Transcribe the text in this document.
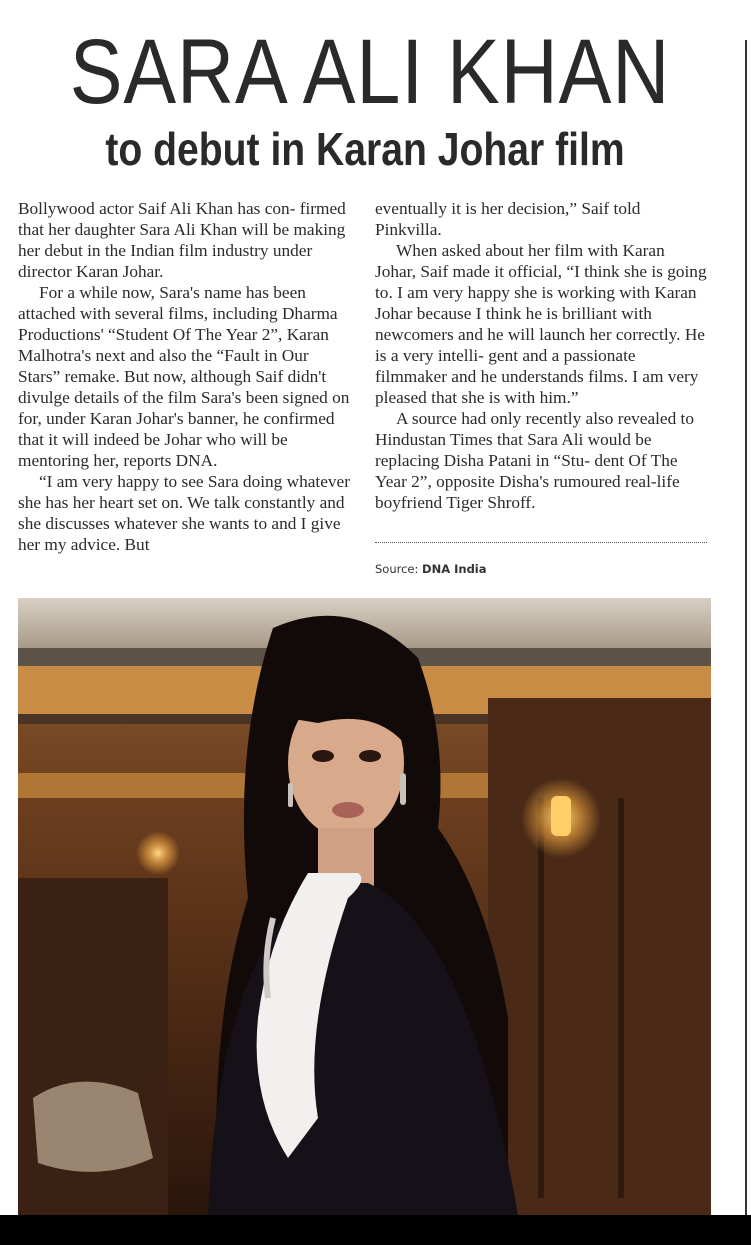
SARA ALI KHAN
to debut in Karan Johar film

Bollywood actor Saif Ali Khan has con- firmed that her daughter Sara Ali Khan will be making her debut in the Indian film industry under director Karan Johar.

For a while now, Sara's name has been attached with several films, including Dharma Productions' “Student Of The Year 2”, Karan Malhotra's next and also the “Fault in Our Stars” remake. But now, although Saif didn't divulge details of the film Sara's been signed on for, under Karan Johar's banner, he confirmed that it will indeed be Johar who will be mentoring her, reports DNA.

“I am very happy to see Sara doing whatever she has her heart set on. We talk constantly and she discusses whatever she wants to and I give her my advice. But

eventually it is her decision,” Saif told Pinkvilla.

When asked about her film with Karan Johar, Saif made it official, “I think she is going to. I am very happy she is working with Karan Johar because I think he is brilliant with newcomers and he will launch her correctly. He is a very intelli- gent and a passionate filmmaker and he understands films. I am very pleased that she is with him.”

A source had only recently also revealed to Hindustan Times that Sara Ali would be replacing Disha Patani in “Stu- dent Of The Year 2”, opposite Disha's rumoured real-life boyfriend Tiger Shroff.

Source: DNA India
